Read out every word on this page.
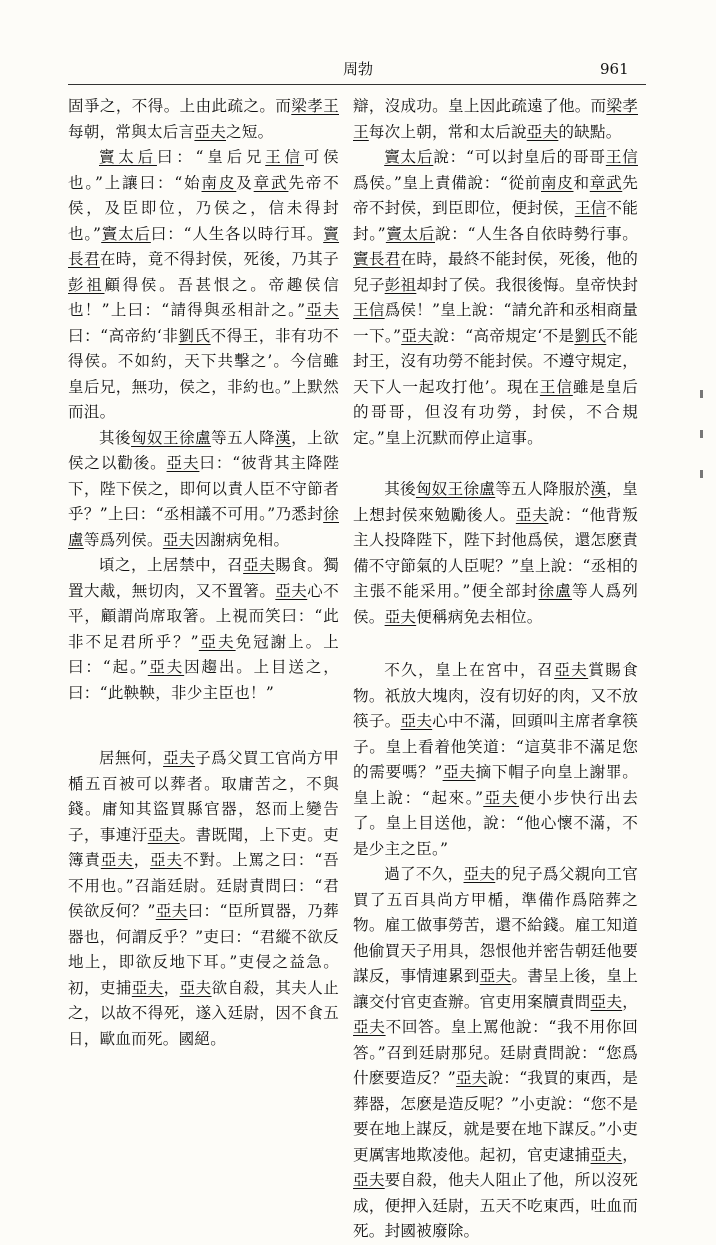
周勃	961

固爭之，不得。上由此疏之。而梁孝王每朝，常與太后言亞夫之短。

竇太后曰：“皇后兄王信可侯也。”上讓曰：“始南皮及章武先帝不侯，及臣即位，乃侯之，信未得封也。”竇太后曰：“人生各以時行耳。竇長君在時，竟不得封侯，死後，乃其子彭祖顧得侯。吾甚恨之。帝趣侯信也！”上曰：“請得與丞相計之。”亞夫曰：“高帝約‘非劉氏不得王，非有功不得侯。不如約，天下共擊之’。今信雖皇后兄，無功，侯之，非約也。”上默然而沮。

其後匈奴王徐盧等五人降漢，上欲侯之以勸後。亞夫曰：“彼背其主降陛下，陛下侯之，即何以責人臣不守節者乎？”上曰：“丞相議不可用。”乃悉封徐盧等爲列侯。亞夫因謝病免相。

頃之，上居禁中，召亞夫賜食。獨置大胾，無切肉，又不置箸。亞夫心不平，顧謂尚席取箸。上視而笑曰：“此非不足君所乎？”亞夫免冠謝上。上曰：“起。”亞夫因趨出。上目送之，曰：“此鞅鞅，非少主臣也！”

居無何，亞夫子爲父買工官尚方甲楯五百被可以葬者。取庸苦之，不與錢。庸知其盜買縣官器，怒而上變告子，事連汙亞夫。書既聞，上下吏。吏簿責亞夫，亞夫不對。上罵之曰：“吾不用也。”召詣廷尉。廷尉責問曰：“君侯欲反何？”亞夫曰：“臣所買器，乃葬器也，何謂反乎？”吏曰：“君縱不欲反地上，即欲反地下耳。”吏侵之益急。初，吏捕亞夫，亞夫欲自殺，其夫人止之，以故不得死，遂入廷尉，因不食五日，歐血而死。國絕。

辯，沒成功。皇上因此疏遠了他。而梁孝王每次上朝，常和太后說亞夫的缺點。

竇太后說：“可以封皇后的哥哥王信爲侯。”皇上責備說：“從前南皮和章武先帝不封侯，到臣即位，便封侯，王信不能封。”竇太后說：“人生各自依時勢行事。竇長君在時，最終不能封侯，死後，他的兒子彭祖却封了侯。我很後悔。皇帝快封王信爲侯！”皇上說：“請允許和丞相商量一下。”亞夫說：“高帝規定‘不是劉氏不能封王，沒有功勞不能封侯。不遵守規定，天下人一起攻打他’。現在王信雖是皇后的哥哥，但沒有功勞，封侯，不合規定。”皇上沉默而停止這事。

其後匈奴王徐盧等五人降服於漢，皇上想封侯來勉勵後人。亞夫說：“他背叛主人投降陛下，陛下封他爲侯，還怎麽責備不守節氣的人臣呢？”皇上說：“丞相的主張不能采用。”便全部封徐盧等人爲列侯。亞夫便稱病免去相位。

不久，皇上在宮中，召亞夫賞賜食物。祇放大塊肉，沒有切好的肉，又不放筷子。亞夫心中不滿，回頭叫主席者拿筷子。皇上看着他笑道：“這莫非不滿足您的需要嗎？”亞夫摘下帽子向皇上謝罪。皇上說：“起來。”亞夫便小步快行出去了。皇上目送他，說：“他心懷不滿，不是少主之臣。”

過了不久，亞夫的兒子爲父親向工官買了五百具尚方甲楯，準備作爲陪葬之物。雇工做事勞苦，還不給錢。雇工知道他偷買天子用具，怨恨他并密告朝廷他要謀反，事情連累到亞夫。書呈上後，皇上讓交付官吏查辦。官吏用案牘責問亞夫，亞夫不回答。皇上罵他說：“我不用你回答。”召到廷尉那兒。廷尉責問說：“您爲什麽要造反？”亞夫說：“我買的東西，是葬器，怎麽是造反呢？”小吏說：“您不是要在地上謀反，就是要在地下謀反。”小吏更厲害地欺凌他。起初，官吏逮捕亞夫，亞夫要自殺，他夫人阻止了他，所以沒死成，便押入廷尉，五天不吃東西，吐血而死。封國被廢除。
